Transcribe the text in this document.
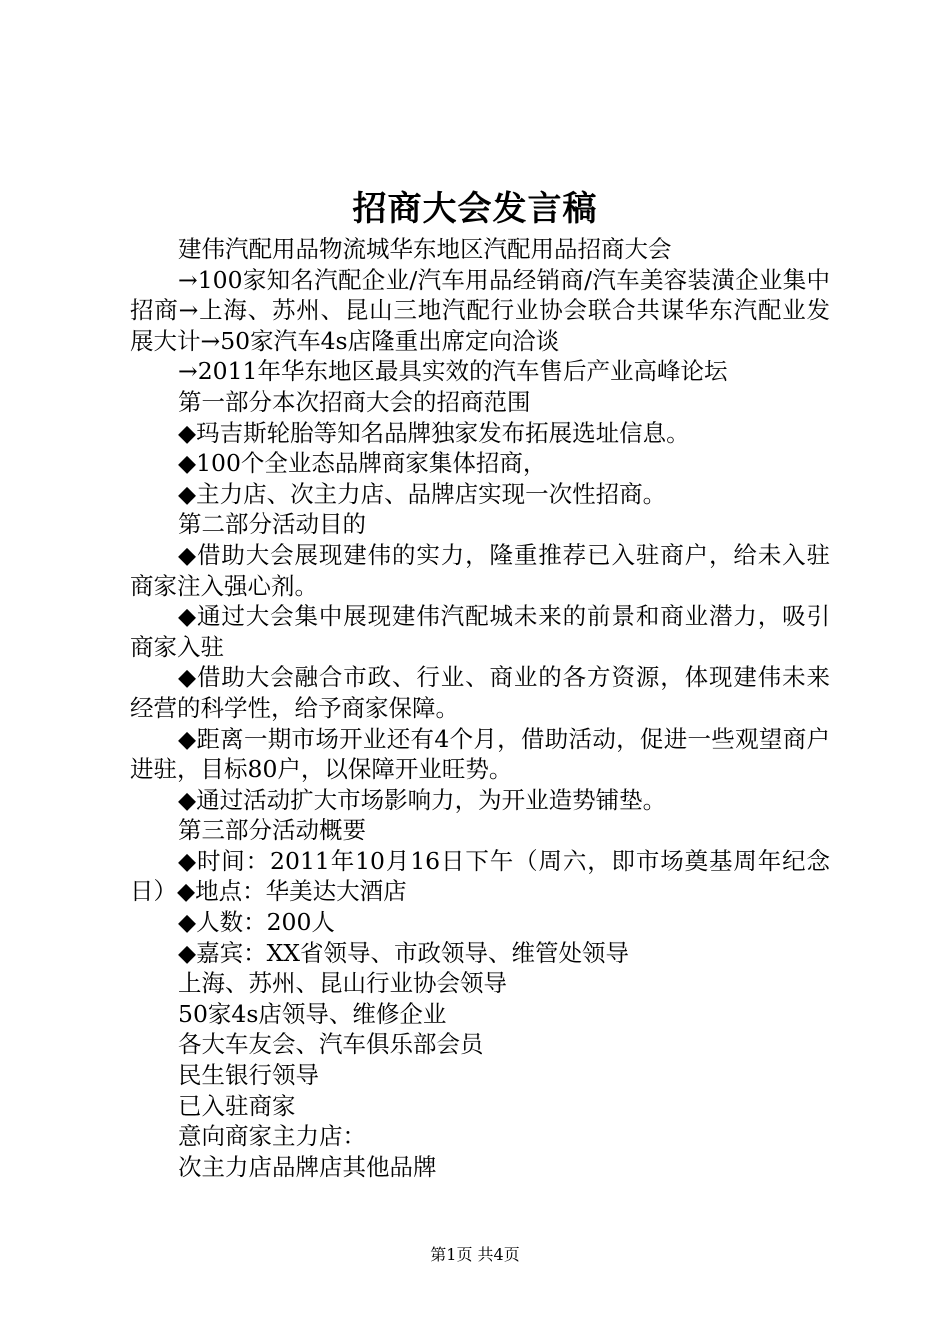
招商大会发言稿

建伟汽配用品物流城华东地区汽配用品招商大会

→100家知名汽配企业/汽车用品经销商/汽车美容装潢企业集中招商→上海、苏州、昆山三地汽配行业协会联合共谋华东汽配业发展大计→50家汽车4s店隆重出席定向洽谈

→2011年华东地区最具实效的汽车售后产业高峰论坛

第一部分本次招商大会的招商范围

◆玛吉斯轮胎等知名品牌独家发布拓展选址信息。

◆100个全业态品牌商家集体招商，

◆主力店、次主力店、品牌店实现一次性招商。

第二部分活动目的

◆借助大会展现建伟的实力，隆重推荐已入驻商户，给未入驻商家注入强心剂。

◆通过大会集中展现建伟汽配城未来的前景和商业潜力，吸引商家入驻

◆借助大会融合市政、行业、商业的各方资源，体现建伟未来经营的科学性，给予商家保障。

◆距离一期市场开业还有4个月，借助活动，促进一些观望商户进驻，目标80户，以保障开业旺势。

◆通过活动扩大市场影响力，为开业造势铺垫。

第三部分活动概要

◆时间：2011年10月16日下午（周六，即市场奠基周年纪念日）◆地点：华美达大酒店

◆人数：200人

◆嘉宾：XX省领导、市政领导、维管处领导

上海、苏州、昆山行业协会领导

50家4s店领导、维修企业

各大车友会、汽车俱乐部会员

民生银行领导

已入驻商家

意向商家主力店：

次主力店品牌店其他品牌

第1页 共4页
